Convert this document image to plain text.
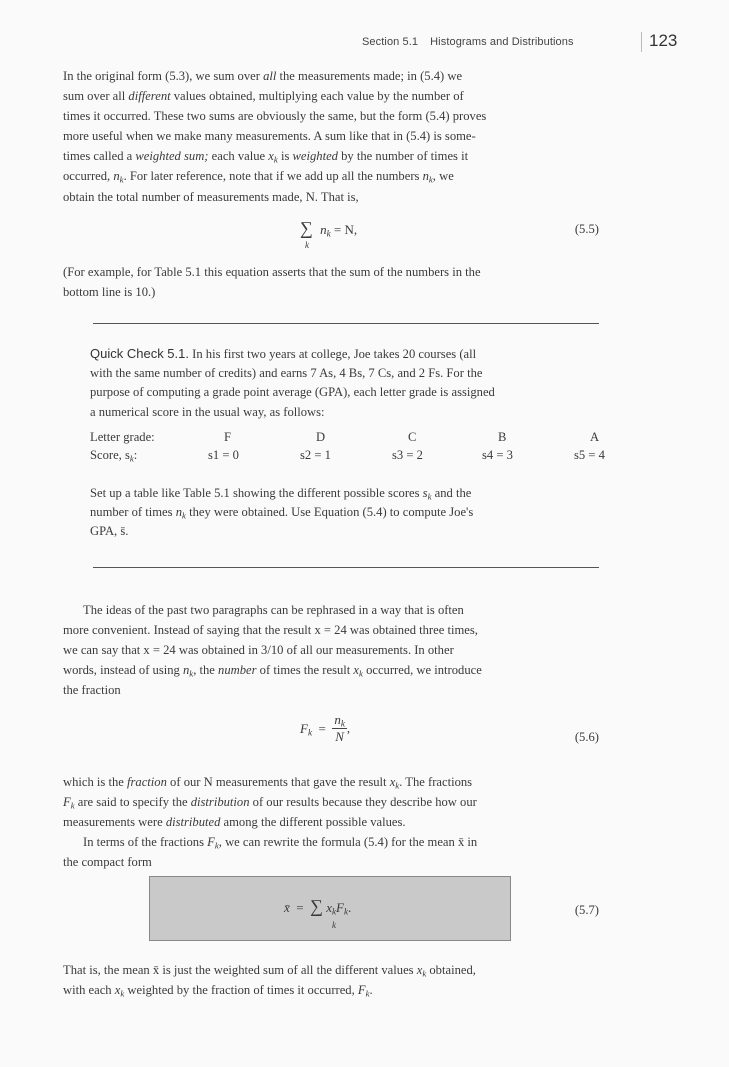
Section 5.1 Histograms and Distributions	123

In the original form (5.3), we sum over all the measurements made; in (5.4) we

sum over all different values obtained, multiplying each value by the number of

times it occurred. These two sums are obviously the same, but the form (5.4) proves

more useful when we make many measurements. A sum like that in (5.4) is some-

times called a weighted sum; each value $x_k$ is weighted by the number of times it

occurred, $n_k$. For later reference, note that if we add up all the numbers $n_k$, we

obtain the total number of measurements made, N. That is,

∑
k
$n_k = N$,	(5.5)

(For example, for Table 5.1 this equation asserts that the sum of the numbers in the

bottom line is 10.)

Quick Check 5.1. In his first two years at college, Joe takes 20 courses (all

with the same number of credits) and earns 7 As, 4 Bs, 7 Cs, and 2 Fs. For the

purpose of computing a grade point average (GPA), each letter grade is assigned

a numerical score in the usual way, as follows:

Letter grade:	F	D	C	B	A
Score, $s_k$:	s1 = 0	s2 = 1	s3 = 2	s4 = 3	s5 = 4

Set up a table like Table 5.1 showing the different possible scores $s_k$ and the

number of times $n_k$ they were obtained. Use Equation (5.4) to compute Joe's

GPA, s̄.

The ideas of the past two paragraphs can be rephrased in a way that is often

more convenient. Instead of saying that the result x = 24 was obtained three times,

we can say that x = 24 was obtained in 3/10 of all our measurements. In other

words, instead of using $n_k$, the number of times the result $x_k$ occurred, we introduce

the fraction

$F_k = \frac{n_k}{N}$ ,
(5.6)

which is the fraction of our N measurements that gave the result $x_k$. The fractions

$F_k$ are said to specify the distribution of our results because they describe how our

measurements were distributed among the different possible values.

In terms of the fractions $F_k$, we can rewrite the formula (5.4) for the mean x̄ in

the compact form

x̄  =  ∑
k
$x_kF_k$.	(5.7)

That is, the mean x̄ is just the weighted sum of all the different values $x_k$ obtained,

with each $x_k$ weighted by the fraction of times it occurred, $F_k$.
